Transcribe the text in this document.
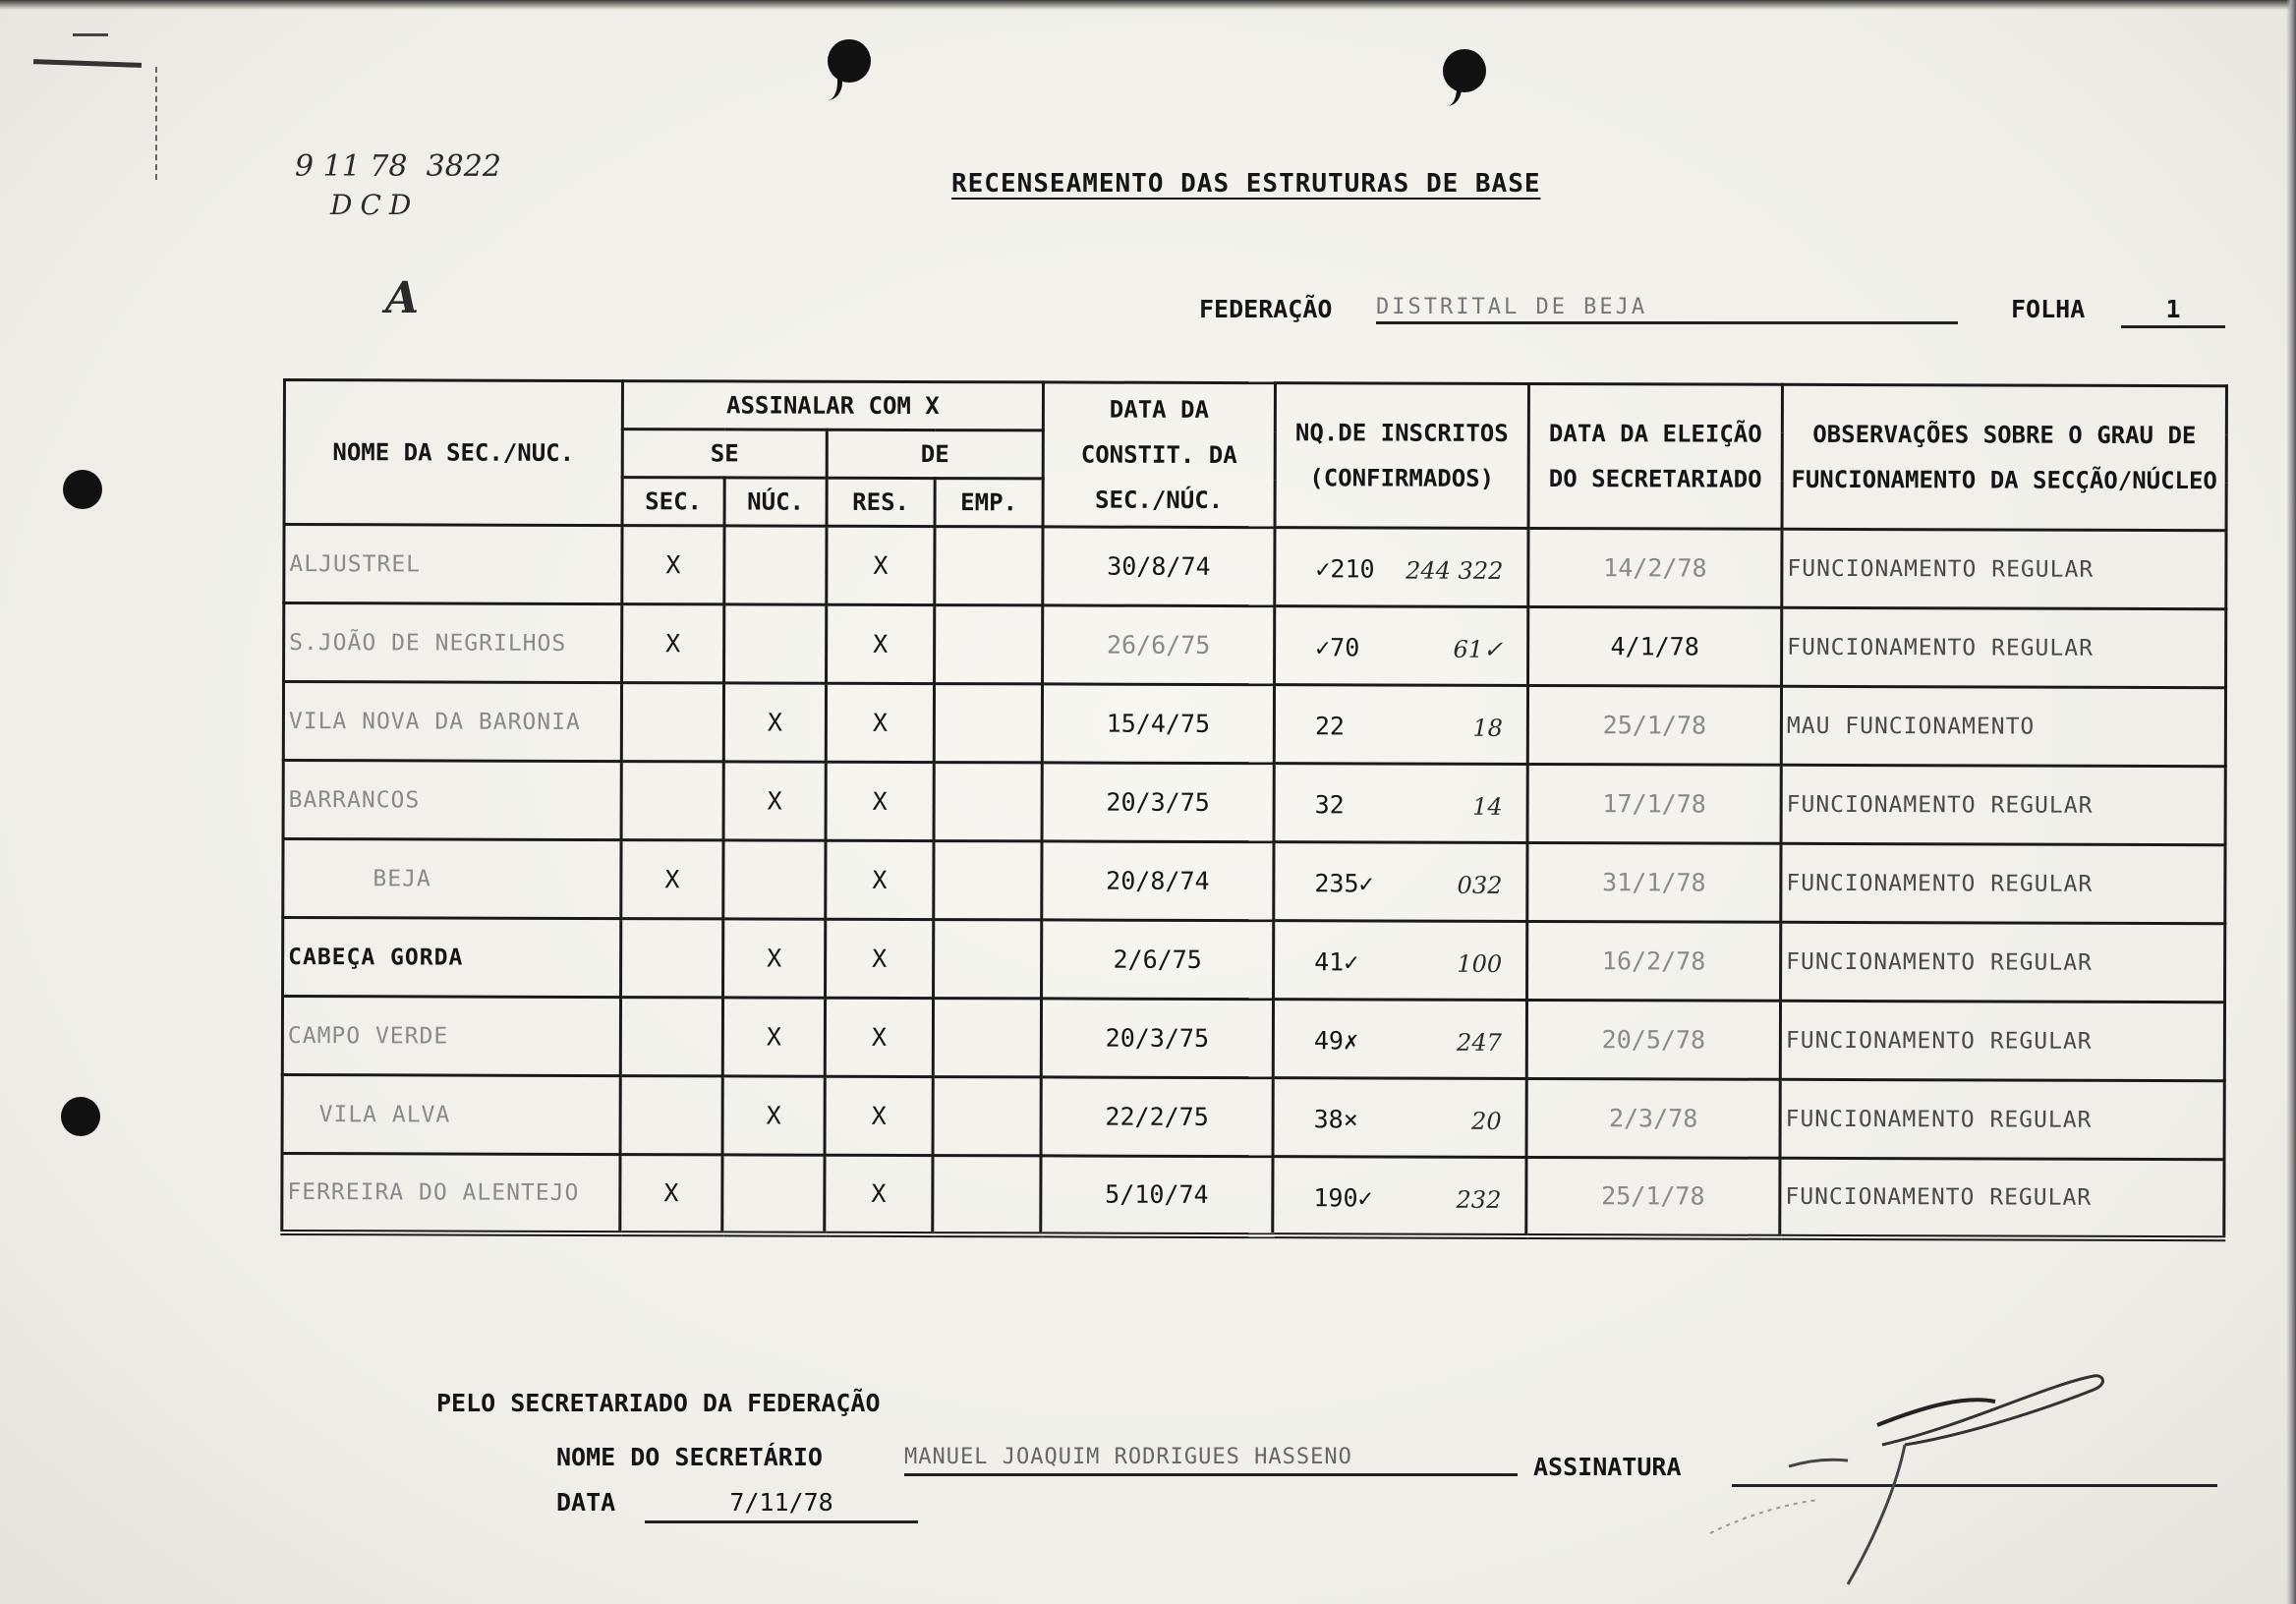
9 11 78  3822
DCD
A
RECENSEAMENTO DAS ESTRUTURAS DE BASE
FEDERAÇÃO DISTRITAL DE BEJA	FOLHA	1
NOME DA SEC./NUC.	ASSINALAR COM X				DATA DA CONSTIT. DA SEC./NÚC.	NQ.DE INSCRITOS (CONFIRMADOS)	DATA DA ELEIÇÃO DO SECRETARIADO	OBSERVAÇÕES SOBRE O GRAU DE FUNCIONAMENTO DA SECÇÃO/NÚCLEO
	SE		DE					
	SEC.	NÚC.	RES.	EMP.				
ALJUSTREL	X		X		30/8/74	✓210 244 322	14/2/78	FUNCIONAMENTO REGULAR
S.JOÃO DE NEGRILHOS	X		X		26/6/75	✓70 61✓	4/1/78	FUNCIONAMENTO REGULAR
VILA NOVA DA BARONIA		X	X		15/4/75	22 18	25/1/78	MAU FUNCIONAMENTO
BARRANCOS		X	X		20/3/75	32 14	17/1/78	FUNCIONAMENTO REGULAR
BEJA	X		X		20/8/74	235✓ 032	31/1/78	FUNCIONAMENTO REGULAR
CABEÇA GORDA		X	X		2/6/75	41✓ 100	16/2/78	FUNCIONAMENTO REGULAR
CAMPO VERDE		X	X		20/3/75	49✗ 247	20/5/78	FUNCIONAMENTO REGULAR
VILA ALVA		X	X		22/2/75	38× 20	2/3/78	FUNCIONAMENTO REGULAR
FERREIRA DO ALENTEJO	X		X		5/10/74	190✓ 232	25/1/78	FUNCIONAMENTO REGULAR
PELO SECRETARIADO DA FEDERAÇÃO
NOME DO SECRETÁRIO	MANUEL JOAQUIM RODRIGUES HASSENO	ASSINATURA
DATA	7/11/78
